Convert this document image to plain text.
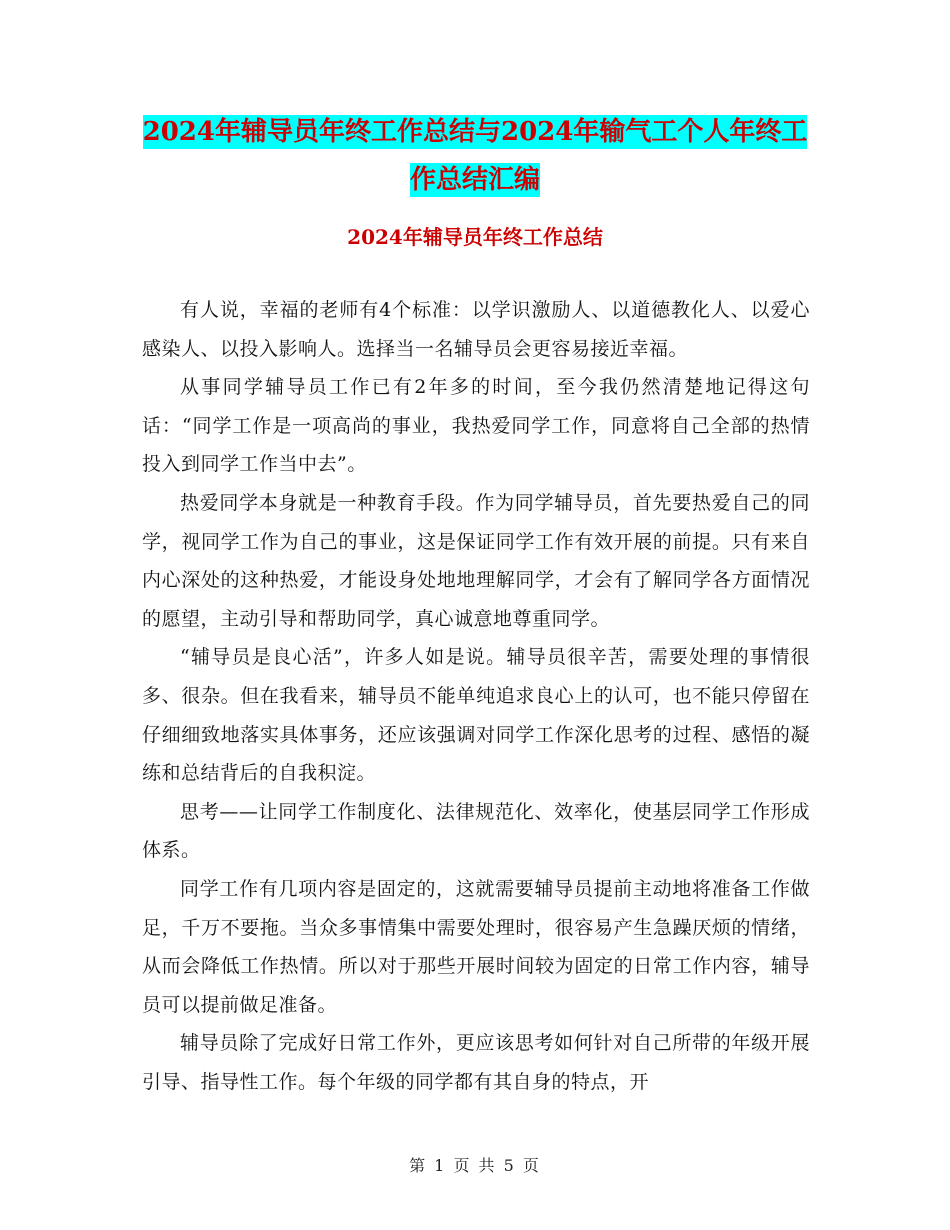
2024年辅导员年终工作总结与2024年输气工个人年终工作总结汇编
2024年辅导员年终工作总结

有人说，幸福的老师有4个标准：以学识激励人、以道德教化人、以爱心感染人、以投入影响人。选择当一名辅导员会更容易接近幸福。

从事同学辅导员工作已有2年多的时间，至今我仍然清楚地记得这句话：“同学工作是一项高尚的事业，我热爱同学工作，同意将自己全部的热情投入到同学工作当中去”。

热爱同学本身就是一种教育手段。作为同学辅导员，首先要热爱自己的同学，视同学工作为自己的事业，这是保证同学工作有效开展的前提。只有来自内心深处的这种热爱，才能设身处地地理解同学，才会有了解同学各方面情况的愿望，主动引导和帮助同学，真心诚意地尊重同学。

“辅导员是良心活”，许多人如是说。辅导员很辛苦，需要处理的事情很多、很杂。但在我看来，辅导员不能单纯追求良心上的认可，也不能只停留在仔细细致地落实具体事务，还应该强调对同学工作深化思考的过程、感悟的凝练和总结背后的自我积淀。

思考——让同学工作制度化、法律规范化、效率化，使基层同学工作形成体系。

同学工作有几项内容是固定的，这就需要辅导员提前主动地将准备工作做足，千万不要拖。当众多事情集中需要处理时，很容易产生急躁厌烦的情绪，从而会降低工作热情。所以对于那些开展时间较为固定的日常工作内容，辅导员可以提前做足准备。

辅导员除了完成好日常工作外，更应该思考如何针对自己所带的年级开展引导、指导性工作。每个年级的同学都有其自身的特点，开

第 1 页 共 5 页
